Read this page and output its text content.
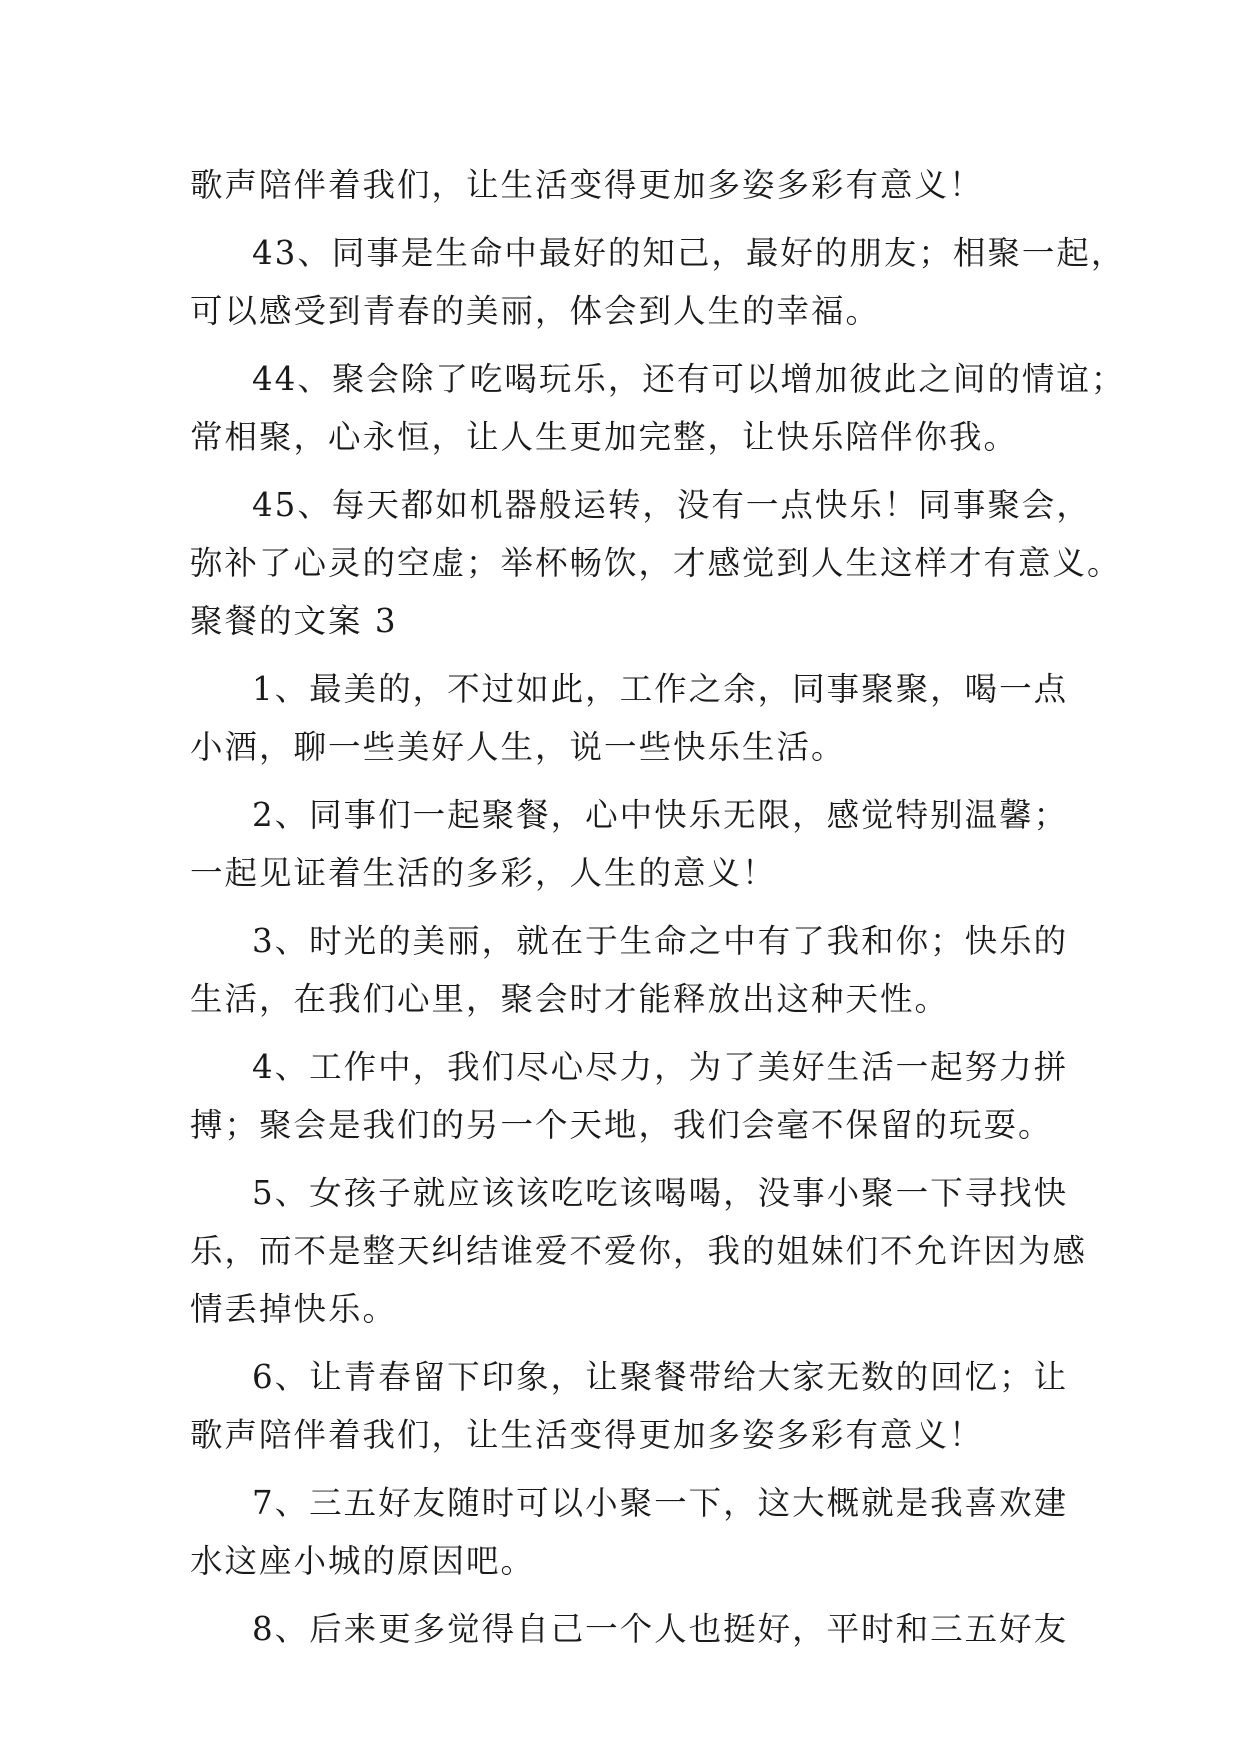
歌声陪伴着我们，让生活变得更加多姿多彩有意义！

43、同事是生命中最好的知己，最好的朋友；相聚一起，

可以感受到青春的美丽，体会到人生的幸福。

44、聚会除了吃喝玩乐，还有可以增加彼此之间的情谊；

常相聚，心永恒，让人生更加完整，让快乐陪伴你我。

45、每天都如机器般运转，没有一点快乐！同事聚会，

弥补了心灵的空虚；举杯畅饮，才感觉到人生这样才有意义。

聚餐的文案 3

1、最美的，不过如此，工作之余，同事聚聚，喝一点

小酒，聊一些美好人生，说一些快乐生活。

2、同事们一起聚餐，心中快乐无限，感觉特别温馨；

一起见证着生活的多彩，人生的意义！

3、时光的美丽，就在于生命之中有了我和你；快乐的

生活，在我们心里，聚会时才能释放出这种天性。

4、工作中，我们尽心尽力，为了美好生活一起努力拼

搏；聚会是我们的另一个天地，我们会毫不保留的玩耍。

5、女孩子就应该该吃吃该喝喝，没事小聚一下寻找快

乐，而不是整天纠结谁爱不爱你，我的姐妹们不允许因为感

情丢掉快乐。

6、让青春留下印象，让聚餐带给大家无数的回忆；让

歌声陪伴着我们，让生活变得更加多姿多彩有意义！

7、三五好友随时可以小聚一下，这大概就是我喜欢建

水这座小城的原因吧。

8、后来更多觉得自己一个人也挺好，平时和三五好友
